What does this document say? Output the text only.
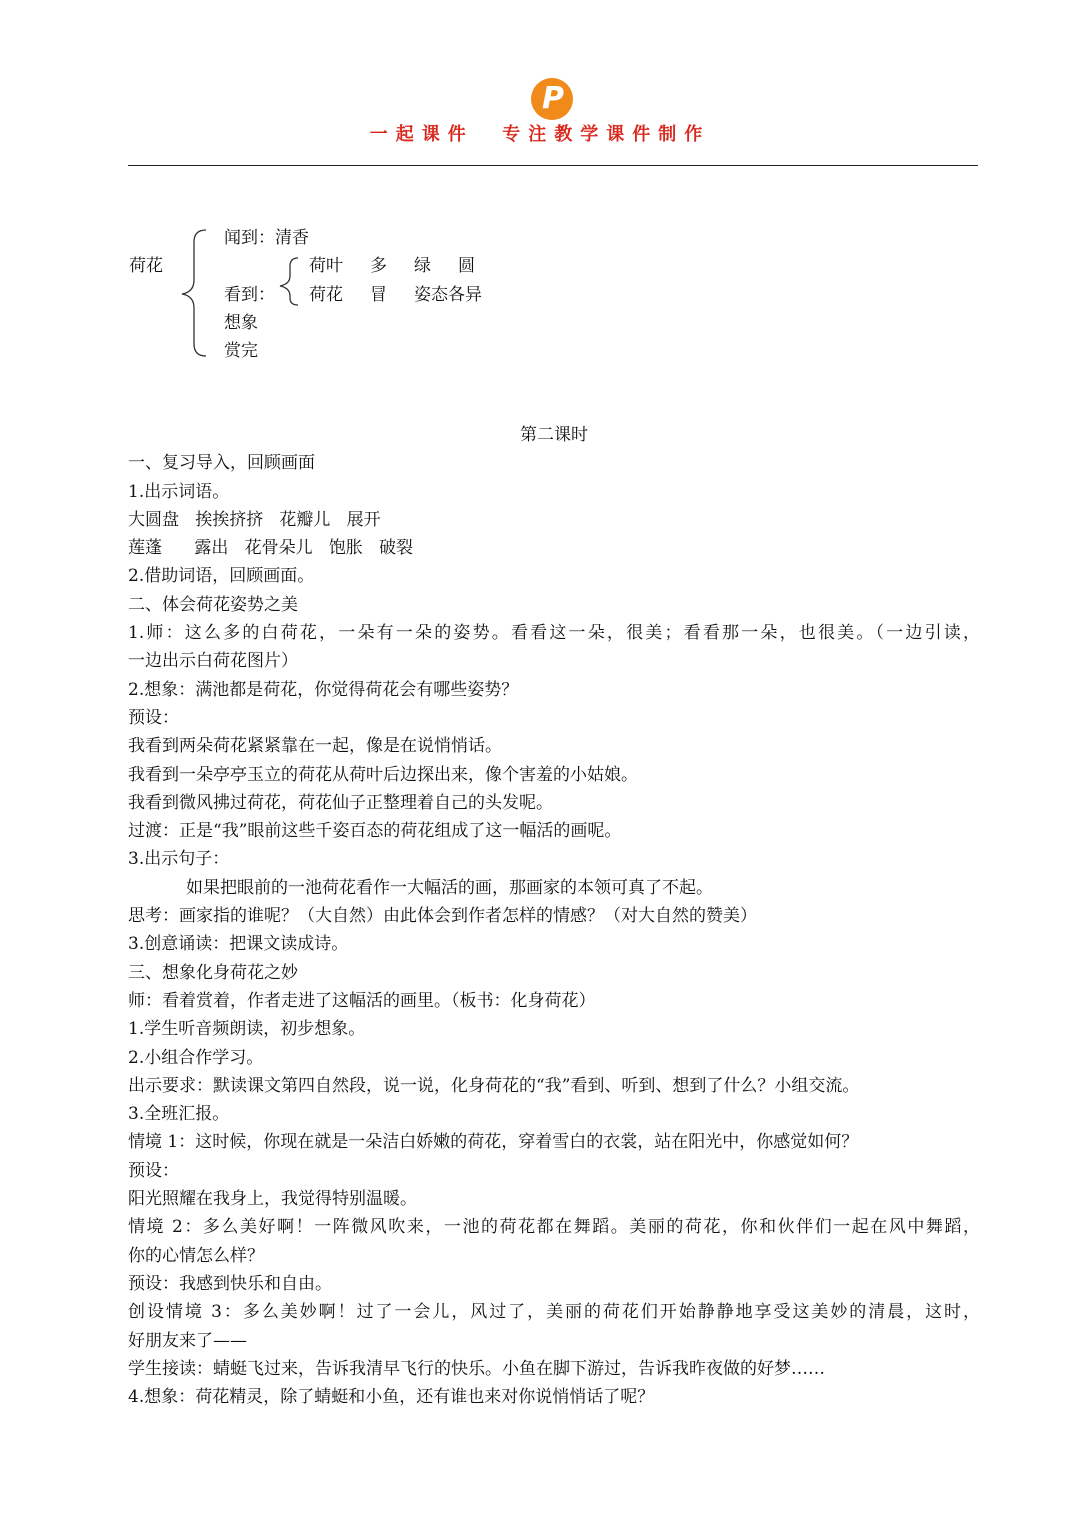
P
一起课件  专注教学课件制作
荷花
闻到：清香
看到：
荷叶     多     绿     圆
荷花     冒     姿态各异
想象
赏完
第二课时
一、复习导入，回顾画面
1.出示词语。
大圆盘   挨挨挤挤   花瓣儿   展开
莲蓬      露出   花骨朵儿   饱胀   破裂
2.借助词语，回顾画面。
二、体会荷花姿势之美
1.师：这么多的白荷花，一朵有一朵的姿势。看看这一朵，很美；看看那一朵，也很美。（一边引读，
一边出示白荷花图片）
2.想象：满池都是荷花，你觉得荷花会有哪些姿势？
预设：
我看到两朵荷花紧紧靠在一起，像是在说悄悄话。
我看到一朵亭亭玉立的荷花从荷叶后边探出来，像个害羞的小姑娘。
我看到微风拂过荷花，荷花仙子正整理着自己的头发呢。
过渡：正是“我”眼前这些千姿百态的荷花组成了这一幅活的画呢。
3.出示句子：
如果把眼前的一池荷花看作一大幅活的画，那画家的本领可真了不起。
思考：画家指的谁呢？（大自然）由此体会到作者怎样的情感？（对大自然的赞美）
3.创意诵读：把课文读成诗。
三、想象化身荷花之妙
师：看着赏着，作者走进了这幅活的画里。（板书：化身荷花）
1.学生听音频朗读，初步想象。
2.小组合作学习。
出示要求：默读课文第四自然段，说一说，化身荷花的“我”看到、听到、想到了什么？小组交流。
3.全班汇报。
情境 1：这时候，你现在就是一朵洁白娇嫩的荷花，穿着雪白的衣裳，站在阳光中，你感觉如何？
预设：
阳光照耀在我身上，我觉得特别温暖。
情境 2：多么美好啊！一阵微风吹来，一池的荷花都在舞蹈。美丽的荷花，你和伙伴们一起在风中舞蹈，
你的心情怎么样？
预设：我感到快乐和自由。
创设情境 3：多么美妙啊！过了一会儿，风过了，美丽的荷花们开始静静地享受这美妙的清晨，这时，
好朋友来了——
学生接读：蜻蜓飞过来，告诉我清早飞行的快乐。小鱼在脚下游过，告诉我昨夜做的好梦……
4.想象：荷花精灵，除了蜻蜓和小鱼，还有谁也来对你说悄悄话了呢？
